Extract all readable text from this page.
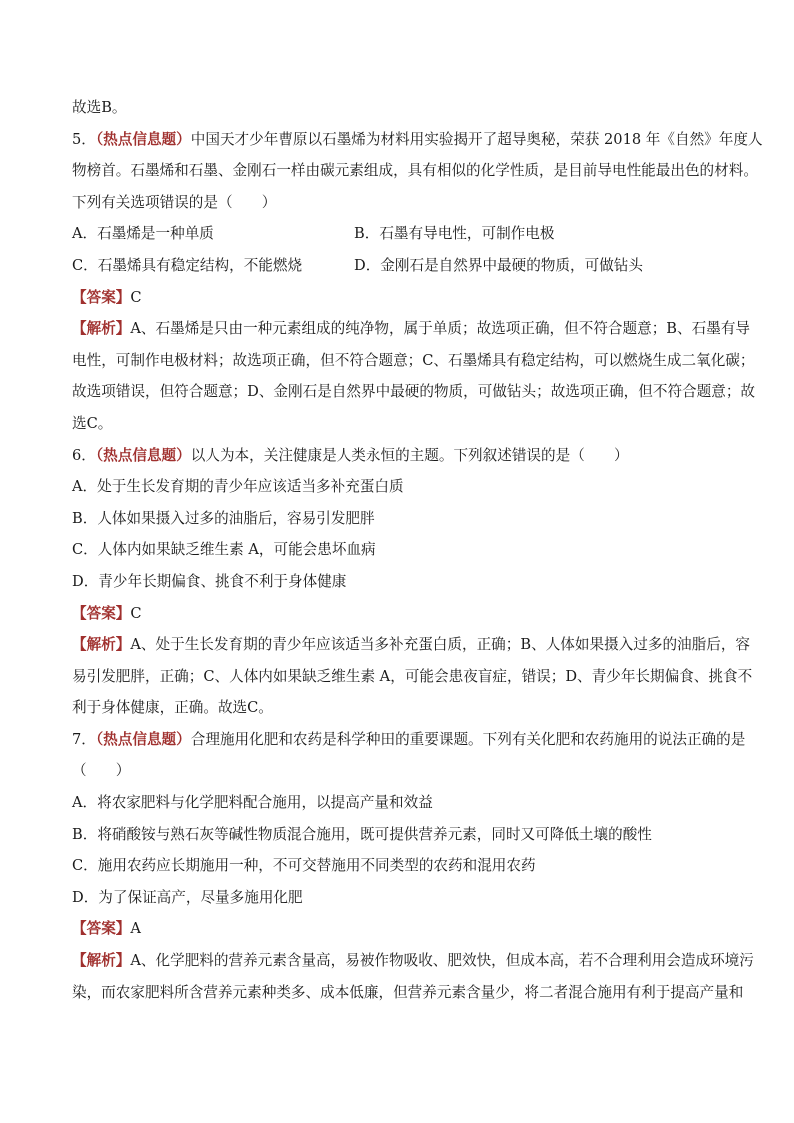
故选B。
5．（热点信息题）中国天才少年曹原以石墨烯为材料用实验揭开了超导奥秘，荣获 2018 年《自然》年度人
物榜首。石墨烯和石墨、金刚石一样由碳元素组成，具有相似的化学性质，是目前导电性能最出色的材料。
下列有关选项错误的是（　　）
A．石墨烯是一种单质	B．石墨有导电性，可制作电极
C．石墨烯具有稳定结构，不能燃烧	D．金刚石是自然界中最硬的物质，可做钻头
【答案】C
【解析】A、石墨烯是只由一种元素组成的纯净物，属于单质；故选项正确，但不符合题意；B、石墨有导
电性，可制作电极材料；故选项正确，但不符合题意；C、石墨烯具有稳定结构，可以燃烧生成二氧化碳；
故选项错误，但符合题意；D、金刚石是自然界中最硬的物质，可做钻头；故选项正确，但不符合题意；故
选C。
6．（热点信息题）以人为本，关注健康是人类永恒的主题。下列叙述错误的是（　　）
A．处于生长发育期的青少年应该适当多补充蛋白质
B．人体如果摄入过多的油脂后，容易引发肥胖
C．人体内如果缺乏维生素 A，可能会患坏血病
D．青少年长期偏食、挑食不利于身体健康
【答案】C
【解析】A、处于生长发育期的青少年应该适当多补充蛋白质，正确；B、人体如果摄入过多的油脂后，容
易引发肥胖，正确；C、人体内如果缺乏维生素 A，可能会患夜盲症，错误；D、青少年长期偏食、挑食不
利于身体健康，正确。故选C。
7．（热点信息题）合理施用化肥和农药是科学种田的重要课题。下列有关化肥和农药施用的说法正确的是
（　　）
A．将农家肥料与化学肥料配合施用，以提高产量和效益
B．将硝酸铵与熟石灰等碱性物质混合施用，既可提供营养元素，同时又可降低土壤的酸性
C．施用农药应长期施用一种，不可交替施用不同类型的农药和混用农药
D．为了保证高产，尽量多施用化肥
【答案】A
【解析】A、化学肥料的营养元素含量高，易被作物吸收、肥效快，但成本高，若不合理利用会造成环境污
染，而农家肥料所含营养元素种类多、成本低廉，但营养元素含量少，将二者混合施用有利于提高产量和
